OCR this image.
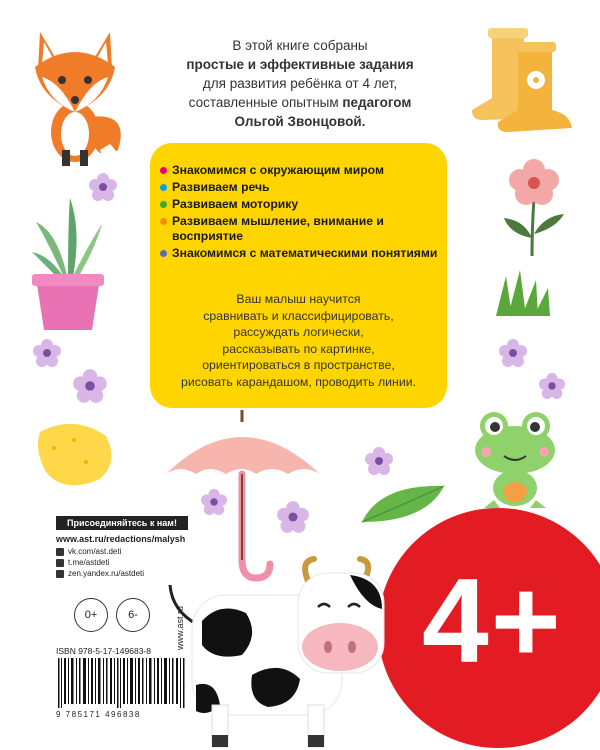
В этой книге собраны
простые и эффективные задания
для развития ребёнка от 4 лет,
составленные опытным педагогом
Ольгой Звонцовой.
Знакомимся с окружающим миром
Развиваем речь
Развиваем моторику
Развиваем мышление, внимание и восприятие
Знакомимся с математическими понятиями
Ваш малыш научится
сравнивать и классифицировать,
рассуждать логически,
рассказывать по картинке,
ориентироваться в пространстве,
рисовать карандашом, проводить линии.
4+
Присоединяйтесь к нам!
www.ast.ru/redactions/malysh
vk.com/ast.deti
t.me/astdeti
zen.yandex.ru/astdeti
0+	6-
ISBN 978-5-17-149683-8
9 785171 496838
www.ast.ru
